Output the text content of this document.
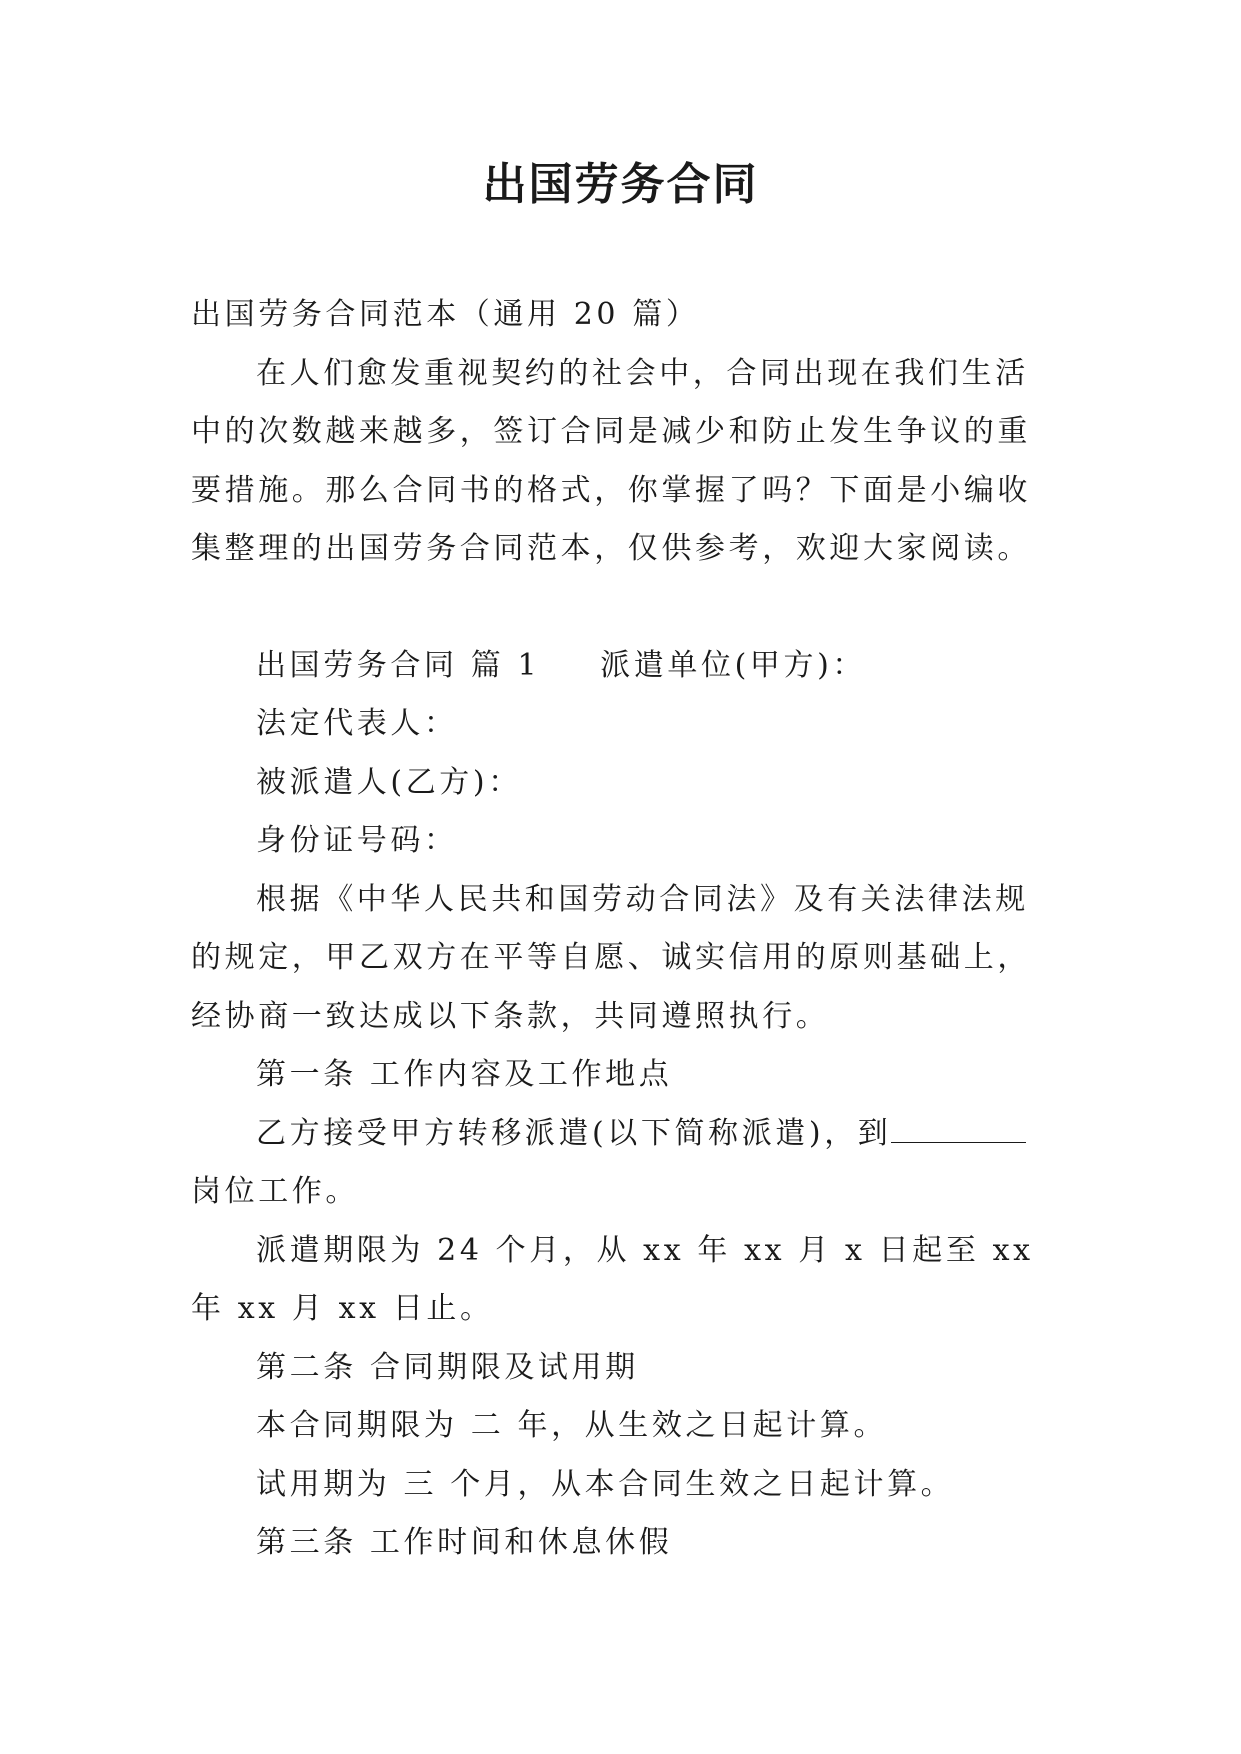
出国劳务合同

出国劳务合同范本（通用 20 篇）

在人们愈发重视契约的社会中，合同出现在我们生活中的次数越来越多，签订合同是减少和防止发生争议的重要措施。那么合同书的格式，你掌握了吗？下面是小编收集整理的出国劳务合同范本，仅供参考，欢迎大家阅读。

出国劳务合同 篇 1 派遣单位(甲方)：

法定代表人：

被派遣人(乙方)：

身份证号码：

根据《中华人民共和国劳动合同法》及有关法律法规的规定，甲乙双方在平等自愿、诚实信用的原则基础上，经协商一致达成以下条款，共同遵照执行。

第一条 工作内容及工作地点

乙方接受甲方转移派遣(以下简称派遣)，到岗位工作。

派遣期限为 24 个月，从 xx 年 xx 月 x 日起至 xx 年 xx 月 xx 日止。

第二条 合同期限及试用期

本合同期限为 二 年，从生效之日起计算。

试用期为 三 个月，从本合同生效之日起计算。

第三条 工作时间和休息休假
